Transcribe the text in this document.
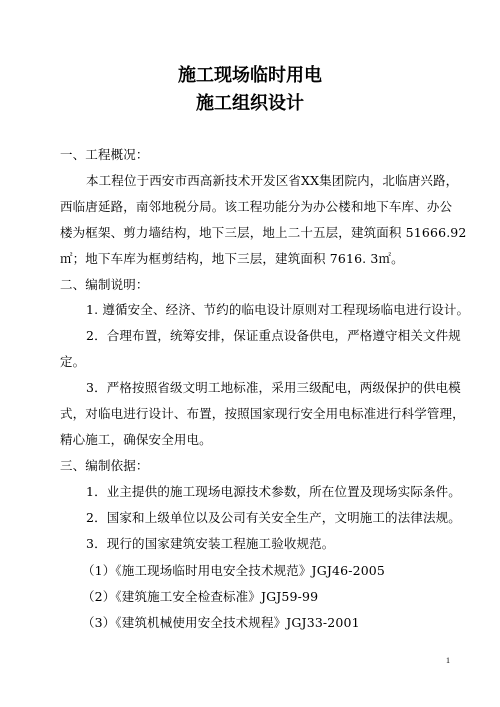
施工现场临时用电
施工组织设计
一、工程概况：
本工程位于西安市西高新技术开发区省XX集团院内，北临唐兴路，
西临唐延路，南邻地税分局。该工程功能分为办公楼和地下车库、办公
楼为框架、剪力墙结构，地下三层，地上二十五层，建筑面积 51666.92
㎡；地下车库为框剪结构，地下三层，建筑面积 7616. 3㎡。
二、编制说明：
1. 遵循安全、经济、节约的临电设计原则对工程现场临电进行设计。
2．合理布置，统筹安排，保证重点设备供电，严格遵守相关文件规
定。
3．严格按照省级文明工地标准，采用三级配电，两级保护的供电模
式，对临电进行设计、布置，按照国家现行安全用电标准进行科学管理，
精心施工，确保安全用电。
三、编制依据：
1．业主提供的施工现场电源技术参数，所在位置及现场实际条件。
2．国家和上级单位以及公司有关安全生产，文明施工的法律法规。
3．现行的国家建筑安装工程施工验收规范。
（1）《施工现场临时用电安全技术规范》JGJ46-2005
（2）《建筑施工安全检查标准》JGJ59-99
（3）《建筑机械使用安全技术规程》JGJ33-2001
1
